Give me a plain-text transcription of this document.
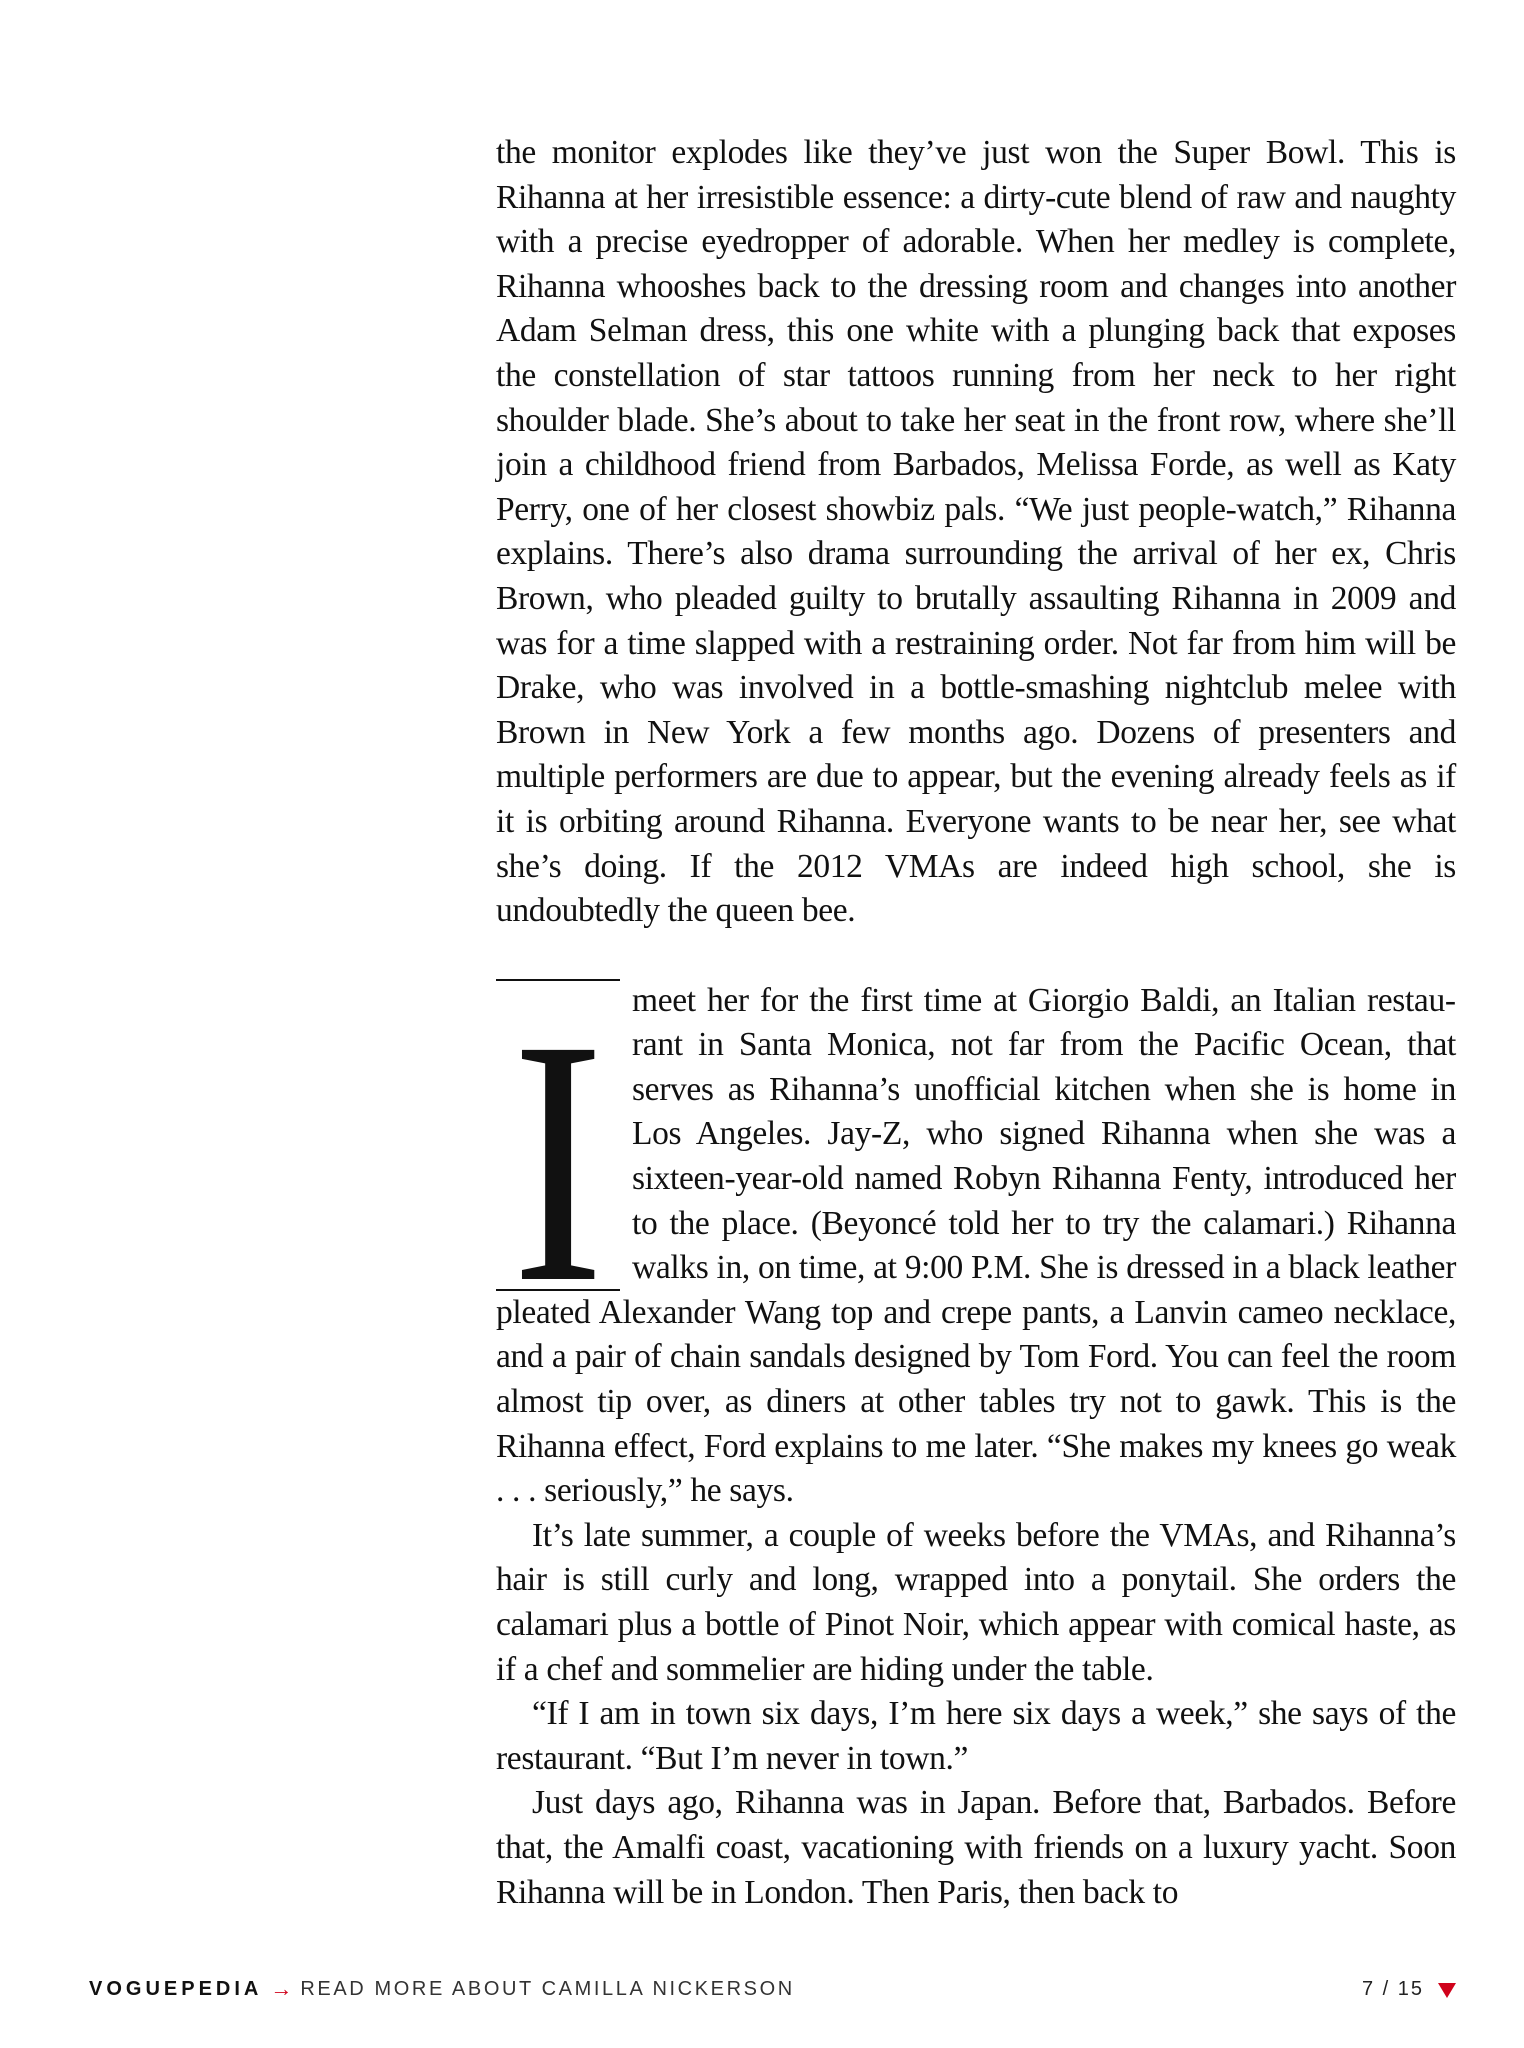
the monitor explodes like they’ve just won the Super Bowl. This is Rihanna at her irresistible essence: a dirty-cute blend of raw and naughty with a precise eyedropper of adorable. When her medley is complete, Rihanna whooshes back to the dressing room and changes into another Adam Selman dress, this one white with a plunging back that exposes the constellation of star tattoos running from her neck to her right shoulder blade. She’s about to take her seat in the front row, where she’ll join a childhood friend from Barbados, Melissa Forde, as well as Katy Perry, one of her closest showbiz pals. “We just people-watch,” Rihanna explains. There’s also drama surrounding the arrival of her ex, Chris Brown, who pleaded guilty to brutally assaulting Rihanna in 2009 and was for a time slapped with a restraining order. Not far from him will be Drake, who was involved in a bottle-smashing nightclub melee with Brown in New York a few months ago. Dozens of presenters and multiple performers are due to appear, but the evening already feels as if it is orbiting around Rihanna. Everyone wants to be near her, see what she’s doing. If the 2012 VMAs are indeed high school, she is undoubtedly the queen bee.

I meet her for the first time at Giorgio Baldi, an Italian restaurant in Santa Monica, not far from the Pacific Ocean, that serves as Rihanna’s unofficial kitchen when she is home in Los Angeles. Jay-Z, who signed Rihanna when she was a sixteen-year-old named Robyn Rihanna Fenty, introduced her to the place. (Beyoncé told her to try the calamari.) Rihanna walks in, on time, at 9:00 P.M. She is dressed in a black leather pleated Alexander Wang top and crepe pants, a Lanvin cameo necklace, and a pair of chain sandals designed by Tom Ford. You can feel the room almost tip over, as diners at other tables try not to gawk. This is the Rihanna effect, Ford explains to me later. “She makes my knees go weak . . . seriously,” he says.

It’s late summer, a couple of weeks before the VMAs, and Rihanna’s hair is still curly and long, wrapped into a ponytail. She orders the calamari plus a bottle of Pinot Noir, which appear with comical haste, as if a chef and sommelier are hiding under the table.

“If I am in town six days, I’m here six days a week,” she says of the restaurant. “But I’m never in town.”

Just days ago, Rihanna was in Japan. Before that, Barbados. Before that, the Amalfi coast, vacationing with friends on a luxury yacht. Soon Rihanna will be in London. Then Paris, then back to

VOGUEPEDIA → READ MORE ABOUT CAMILLA NICKERSON	7 / 15
